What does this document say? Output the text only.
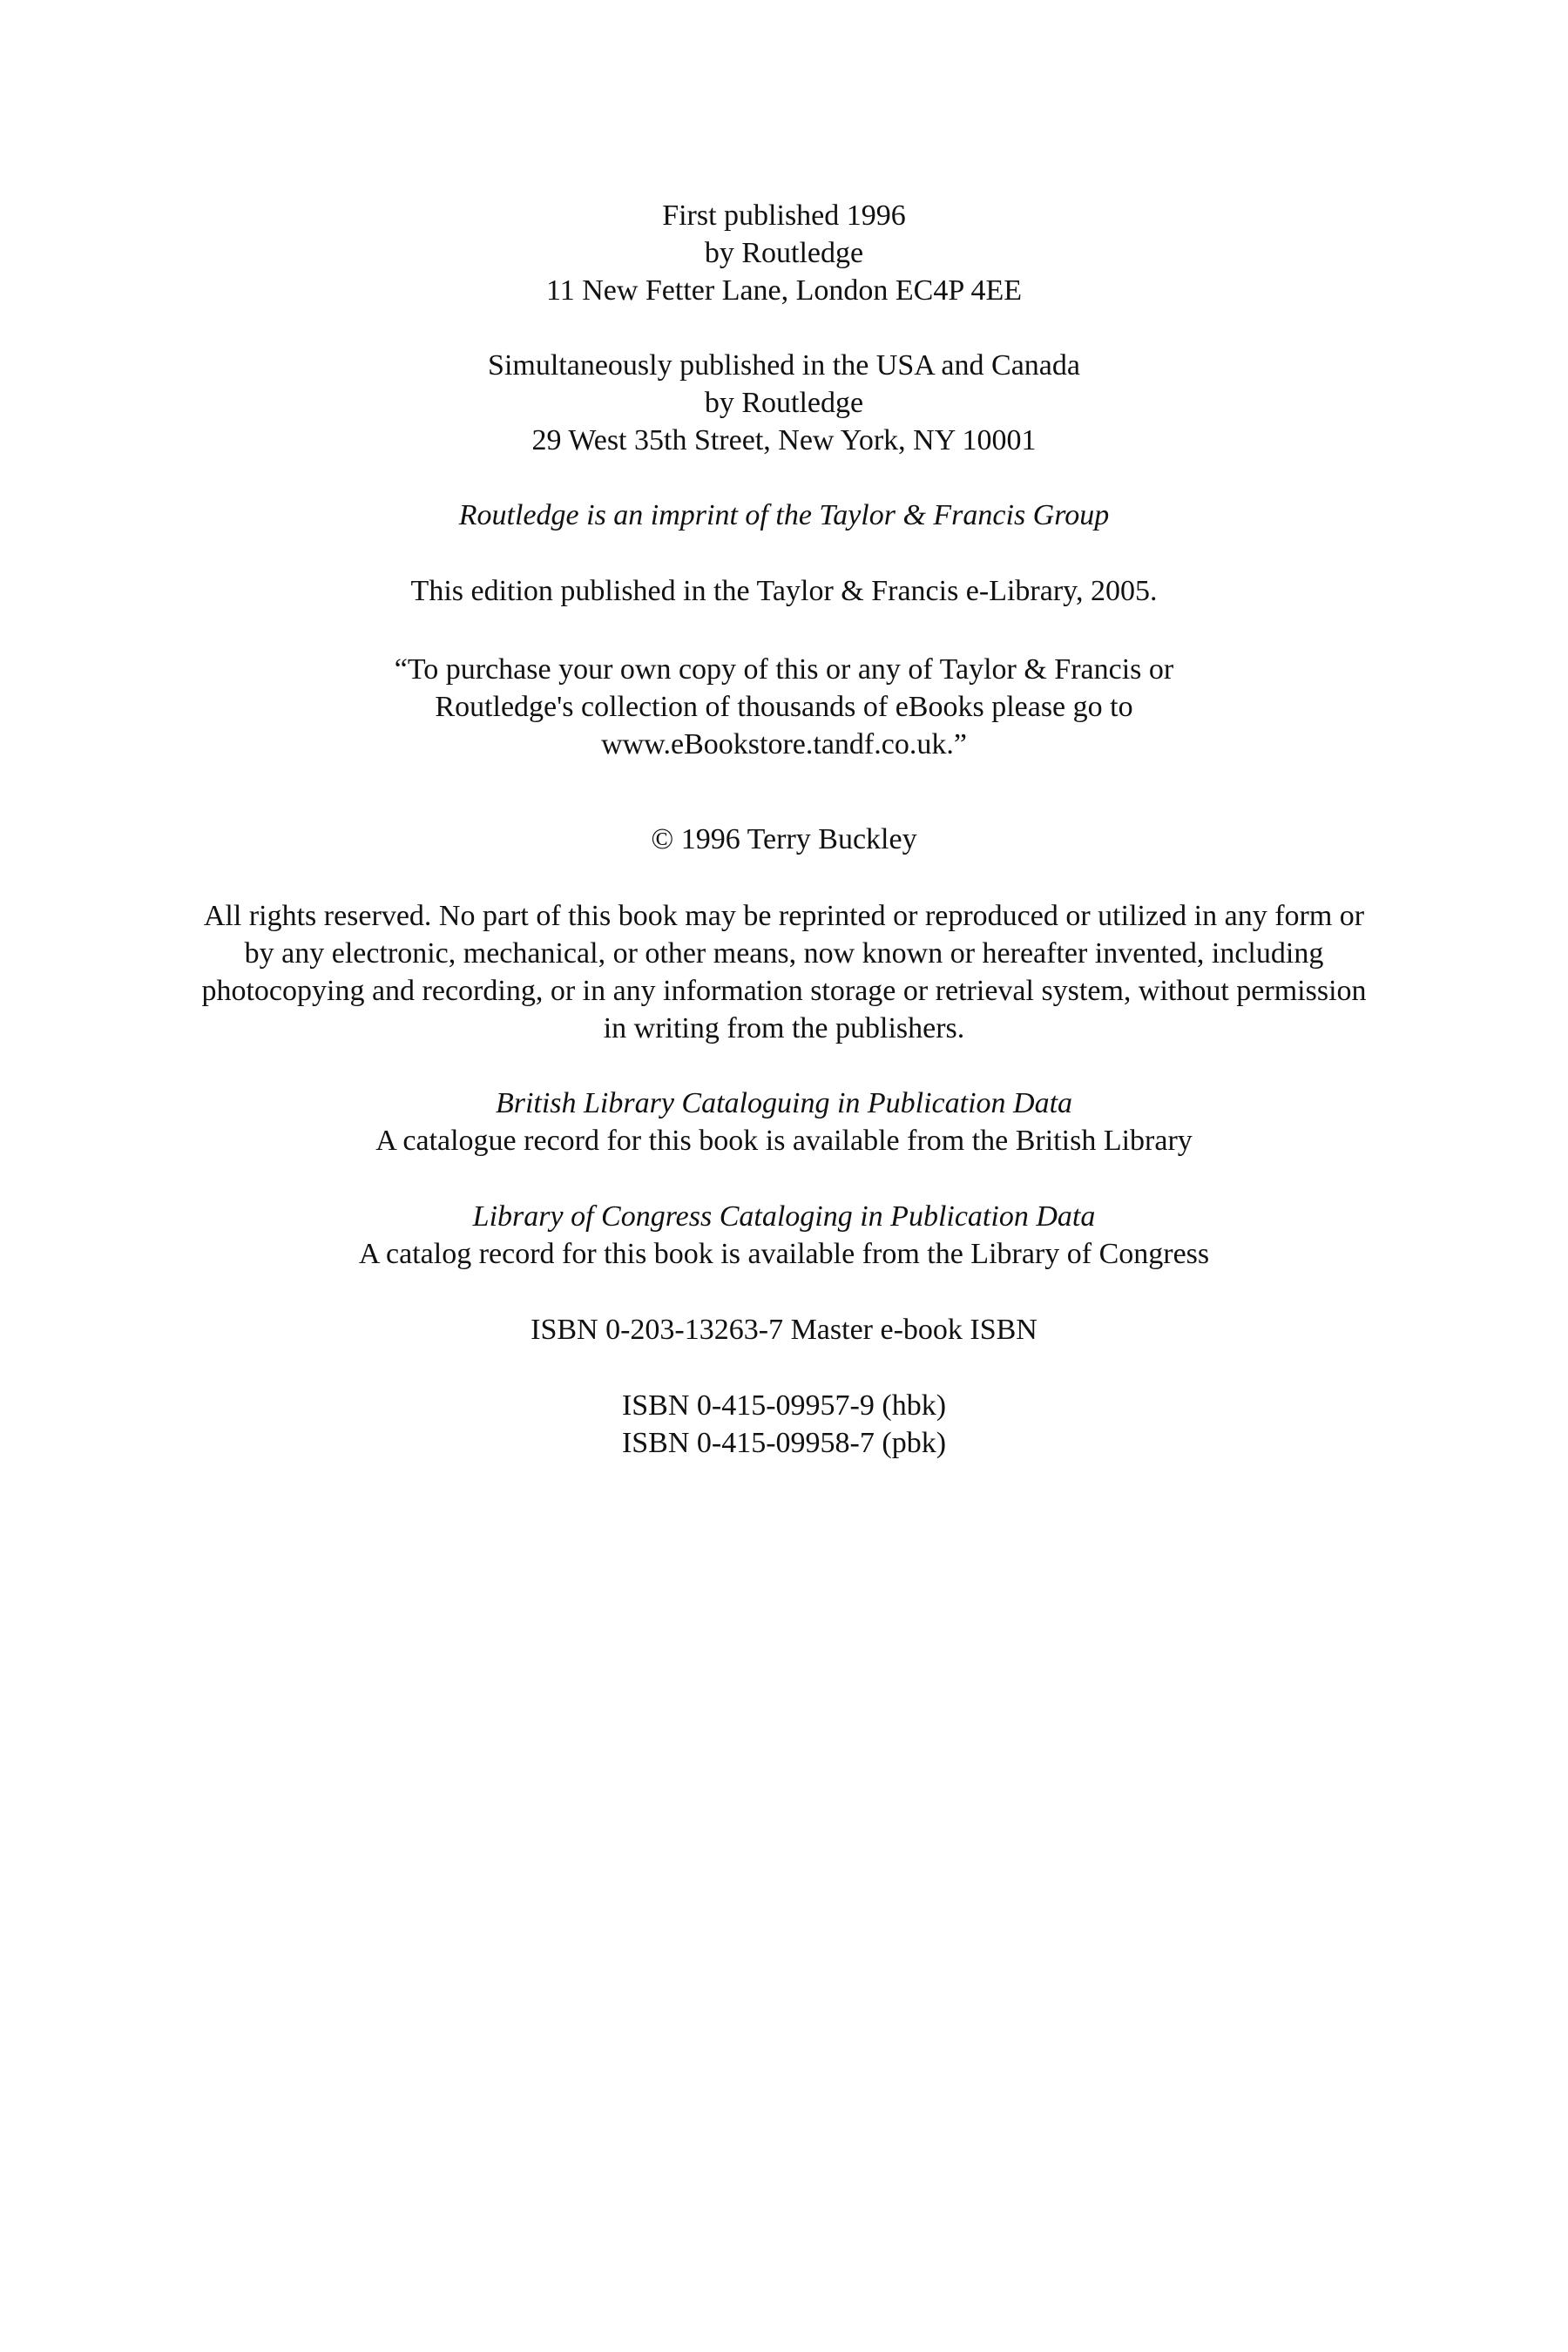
First published 1996
by Routledge
11 New Fetter Lane, London EC4P 4EE
Simultaneously published in the USA and Canada
by Routledge
29 West 35th Street, New York, NY 10001
Routledge is an imprint of the Taylor & Francis Group
This edition published in the Taylor & Francis e-Library, 2005.
“To purchase your own copy of this or any of Taylor & Francis or
Routledge's collection of thousands of eBooks please go to
www.eBookstore.tandf.co.uk.”
© 1996 Terry Buckley
All rights reserved. No part of this book may be reprinted or reproduced or utilized in any form or
by any electronic, mechanical, or other means, now known or hereafter invented, including
photocopying and recording, or in any information storage or retrieval system, without permission
in writing from the publishers.
British Library Cataloguing in Publication Data
A catalogue record for this book is available from the British Library
Library of Congress Cataloging in Publication Data
A catalog record for this book is available from the Library of Congress
ISBN 0-203-13263-7 Master e-book ISBN
ISBN 0-415-09957-9 (hbk)
ISBN 0-415-09958-7 (pbk)
